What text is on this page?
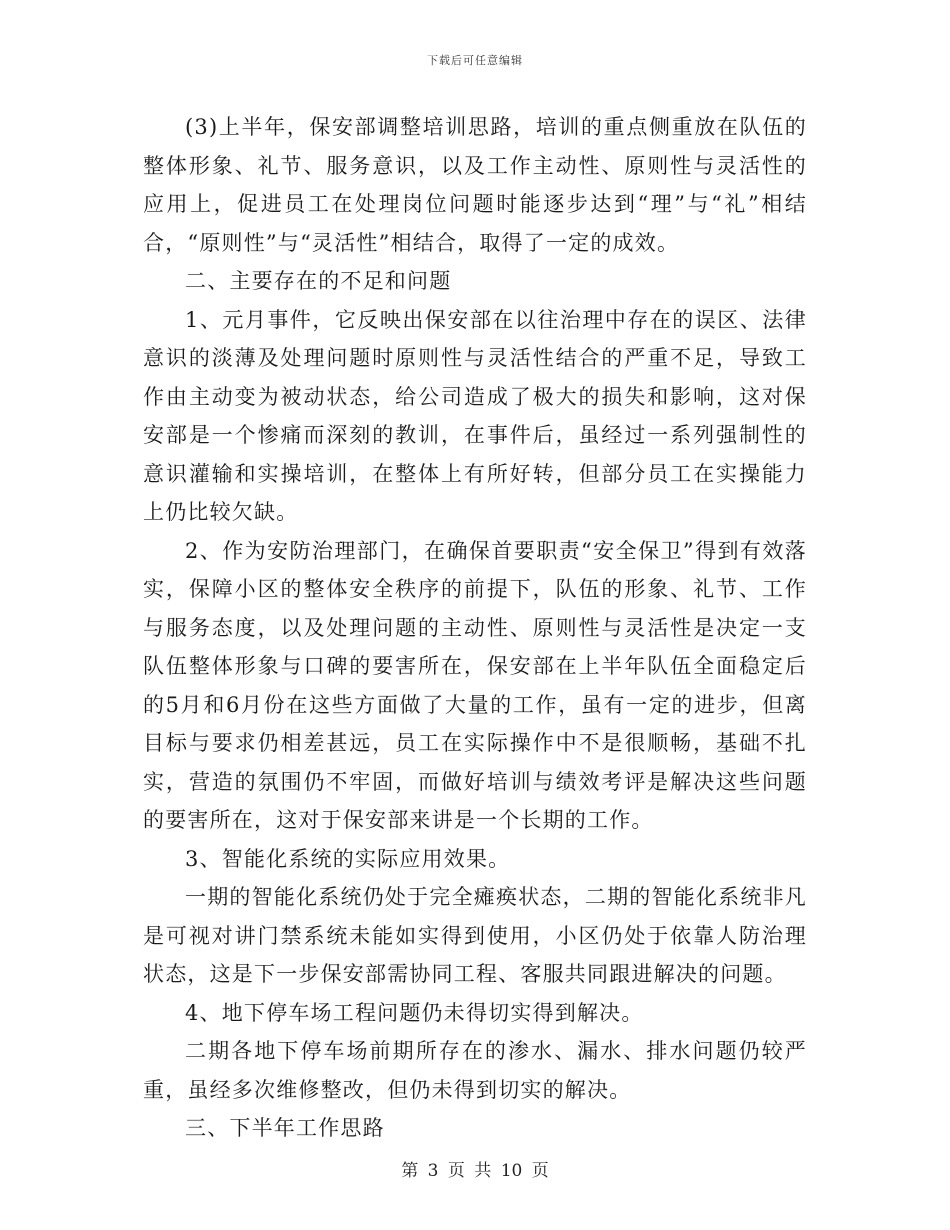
下载后可任意编辑

(3)上半年，保安部调整培训思路，培训的重点侧重放在队伍的整体形象、礼节、服务意识，以及工作主动性、原则性与灵活性的应用上，促进员工在处理岗位问题时能逐步达到“理”与“礼”相结合，“原则性”与“灵活性”相结合，取得了一定的成效。

二、主要存在的不足和问题

1、元月事件，它反映出保安部在以往治理中存在的误区、法律意识的淡薄及处理问题时原则性与灵活性结合的严重不足，导致工作由主动变为被动状态，给公司造成了极大的损失和影响，这对保安部是一个惨痛而深刻的教训，在事件后，虽经过一系列强制性的意识灌输和实操培训，在整体上有所好转，但部分员工在实操能力上仍比较欠缺。

2、作为安防治理部门，在确保首要职责“安全保卫”得到有效落实，保障小区的整体安全秩序的前提下，队伍的形象、礼节、工作与服务态度，以及处理问题的主动性、原则性与灵活性是决定一支队伍整体形象与口碑的要害所在，保安部在上半年队伍全面稳定后的5月和6月份在这些方面做了大量的工作，虽有一定的进步，但离目标与要求仍相差甚远，员工在实际操作中不是很顺畅，基础不扎实，营造的氛围仍不牢固，而做好培训与绩效考评是解决这些问题的要害所在，这对于保安部来讲是一个长期的工作。

3、智能化系统的实际应用效果。

一期的智能化系统仍处于完全瘫痪状态，二期的智能化系统非凡是可视对讲门禁系统未能如实得到使用，小区仍处于依靠人防治理状态，这是下一步保安部需协同工程、客服共同跟进解决的问题。

4、地下停车场工程问题仍未得切实得到解决。

二期各地下停车场前期所存在的渗水、漏水、排水问题仍较严重，虽经多次维修整改，但仍未得到切实的解决。

三、下半年工作思路

第 3 页 共 10 页
